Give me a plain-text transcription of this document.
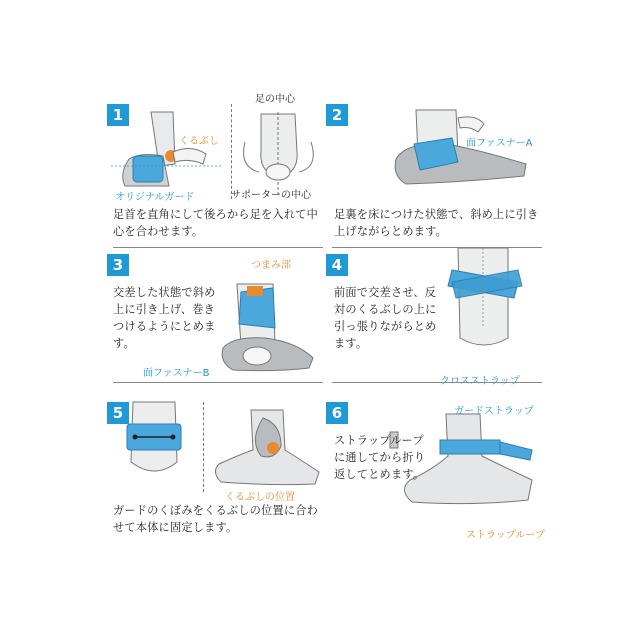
1
くるぶし
オリジナルガード
足の中心
サポーターの中心
足首を直角にして後ろから足を入れて中心を合わせます。
2
面ファスナーA
足裏を床につけた状態で、斜め上に引き上げながらとめます。
3	つまみ部
交差した状態で斜め上に引き上げ、巻きつけるようにとめます。
面ファスナーB
4
前面で交差させ、反対のくるぶしの上に引っ張りながらとめます。
5
くるぶしの位置
ガードのくぼみをくるぶしの位置に合わせて本体に固定します。
6	ガードストラップ
ストラップループに通してから折り返してとめます。
ストラップループ
